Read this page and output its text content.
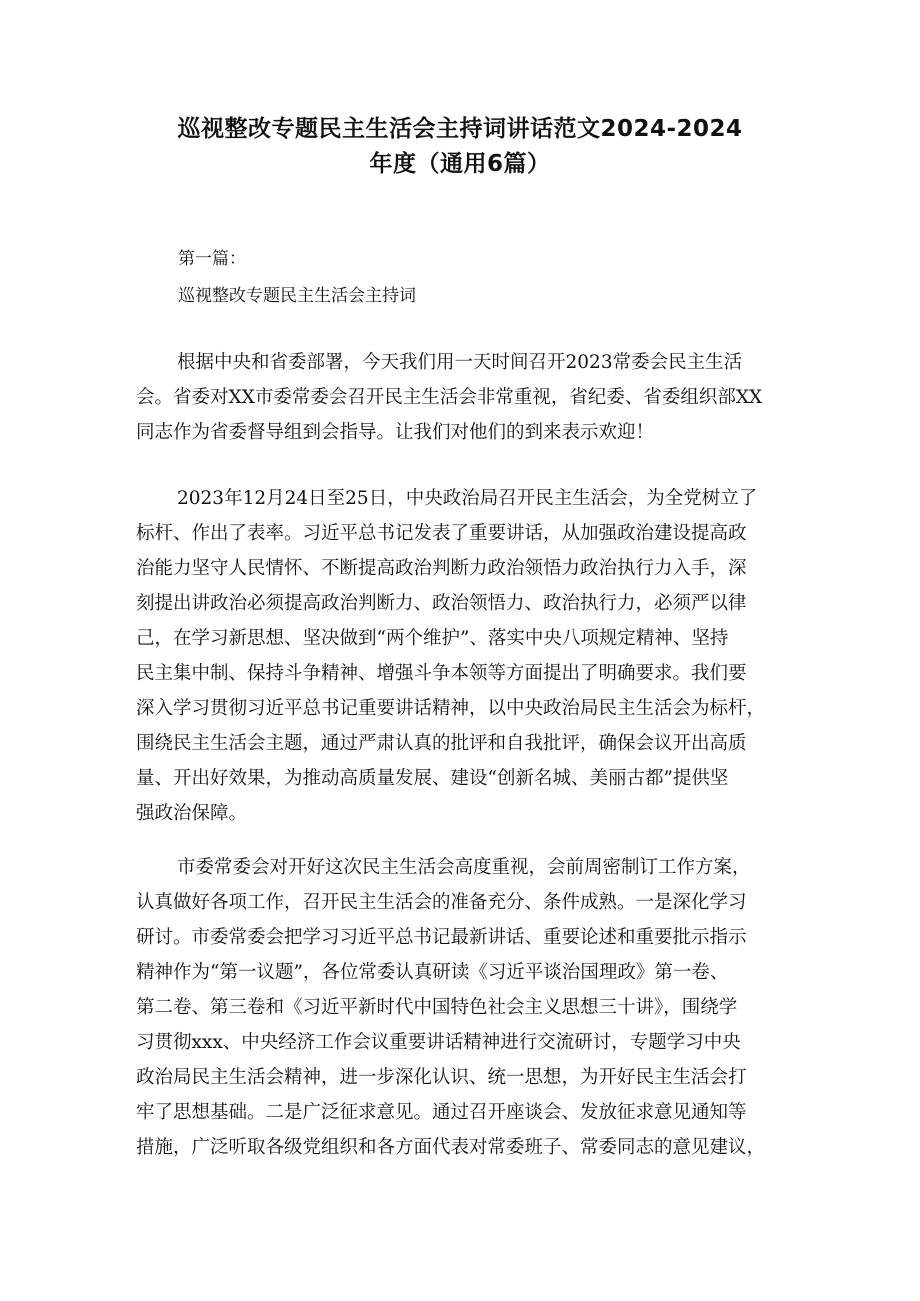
巡视整改专题民主生活会主持词讲话范文2024-2024
年度（通用6篇）
第一篇：
巡视整改专题民主生活会主持词
根据中央和省委部署，今天我们用一天时间召开2023常委会民主生活
会。省委对XX市委常委会召开民主生活会非常重视，省纪委、省委组织部XX
同志作为省委督导组到会指导。让我们对他们的到来表示欢迎！
2023年12月24日至25日，中央政治局召开民主生活会，为全党树立了
标杆、作出了表率。习近平总书记发表了重要讲话，从加强政治建设提高政
治能力坚守人民情怀、不断提高政治判断力政治领悟力政治执行力入手，深
刻提出讲政治必须提高政治判断力、政治领悟力、政治执行力，必须严以律
己，在学习新思想、坚决做到“两个维护”、落实中央八项规定精神、坚持
民主集中制、保持斗争精神、增强斗争本领等方面提出了明确要求。我们要
深入学习贯彻习近平总书记重要讲话精神，以中央政治局民主生活会为标杆，
围绕民主生活会主题，通过严肃认真的批评和自我批评，确保会议开出高质
量、开出好效果，为推动高质量发展、建设“创新名城、美丽古都”提供坚
强政治保障。
市委常委会对开好这次民主生活会高度重视，会前周密制订工作方案，
认真做好各项工作，召开民主生活会的准备充分、条件成熟。一是深化学习
研讨。市委常委会把学习习近平总书记最新讲话、重要论述和重要批示指示
精神作为“第一议题”，各位常委认真研读《习近平谈治国理政》第一卷、
第二卷、第三卷和《习近平新时代中国特色社会主义思想三十讲》，围绕学
习贯彻xxx、中央经济工作会议重要讲话精神进行交流研讨，专题学习中央
政治局民主生活会精神，进一步深化认识、统一思想，为开好民主生活会打
牢了思想基础。二是广泛征求意见。通过召开座谈会、发放征求意见通知等
措施，广泛听取各级党组织和各方面代表对常委班子、常委同志的意见建议，
